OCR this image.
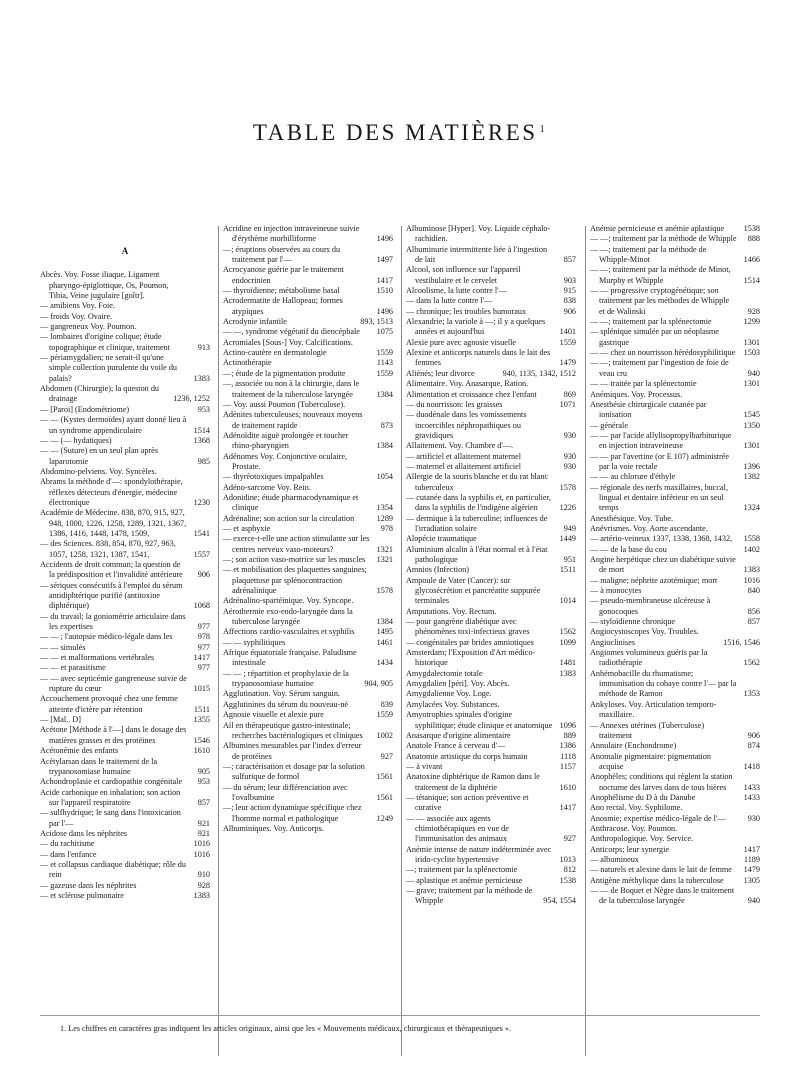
TABLE DES MATIÈRES $^1$
A

Abcès. Voy. Fosse iliaque, Ligament pharyngo-épiglottique, Os, Poumon, Tibia, Veine jugulaire [goîtr].

— amibiens Voy. Foie.

— froids Voy. Ovaire.

— gangreneux Voy. Poumon.

— lombaires d'origine colique; étude topographique et clinique, traitement	913

— périamygdalien; ne serait-il qu'une simple collection purulente du voile du palais?	1383

Abdomen (Chirurgie); la queston du drainage	1236, 1252

— [Paroi] (Endométriome)	953

— — (Kystes dermoïdes) ayant donné lieu à un syndrome appendiculaire	1514

— — (— hydatiques)	1368

— — (Suture) en un seul plan après laparotomie	985

Abdomino-pelviens. Voy. Syncèles.

Abrams la méthode d'—: spondylothérapie, réflexes détecteurs d'énergie, médecine électronique	1230

Académie de Médecine. 838, 870, 915, 927, 948, 1000, 1226, 1258, 1289, 1321, 1367, 1386, 1416, 1448, 1478, 1509,	1541

— des Sciences. 838, 854, 870, 927, 963, 1057, 1258, 1321, 1387, 1541,	1557

Accidents de droit commun; la question de la prédisposition et l'invalidité antérieure 906

— sériques consécutifs à l'emploi du sérum antidiphtérique purifié (antitoxine diphtérique)	1068

— du travail; la goniométrie articulaire dans les expertises	977

— — ; l'autopsie médico-légale dans les	978

— — simulés	977

— — et malformations vertébrales	1417

— — et parasitisme	977

— — avec septicémie gangreneuse suivie de rupture du cœur	1015

Accouchement provoqué chez une femme atteinte d'ictère par rétention	1511

— [Mal.. D]	1355

Acétone [Méthode à l'—] dans le dosage des matières grasses et des protéines	1546

Acétonémie des enfants	1610

Acétylarsan dans le traitement de la trypanosomiase humaine	905

Achondroplasie et cardiopathie congénitale 953

Acide carbonique en inhalation; son action sur l'appareil respiratoire	857

— sulfhydrique; le sang dans l'intoxication par l'—	921

Acidose dans les néphrites	921

— du rachitisme	1016

— dans l'enfance	1016

— et collapsus cardiaque diabétique; rôle du rein	910

— gazeuse dans les néphrites	928

— et sclérose pulmonaire	1383

Acridine en injection intraveineuse suivie d'érythème morbilliforme	1496

—; éruptions observées au cours du traitement par l'—	1497

Acrocyanose guérie par le traitement endocrinien	1417

— thyroïdienne; métabolisme basal	1510

Acrodermatite de Hallopeau; formes atypiques	1496

Acrodynie infantile	893, 1513

— —, syndrome végétatif du diencéphale 1075

Acromiales [Sous-] Voy. Calcifications.

Actino-cautère en dermatologie	1559

Actinothérapie	1143

—; étude de la pigmentation produite	1559

—, associée ou non à la chirurgie, dans le traitement de la tuberculose laryngée	1384

— Voy. aussi Poumon (Tuberculose).

Adénites tuberculeuses; nouveaux moyens de traitement rapide	873

Adénoïdite aiguë prolongée et toucher rhino-pharyngien	1384

Adénomes Voy. Conjonctive oculaire, Prostate.

— thyréotoxiques impalpables	1054

Adéno-sarcome Voy. Rein.

Adonidine; étude pharmacodynamique et clinique	1354

Adrénaline; son action sur la circulation	1289

— et asphyxie	978

— exerce-t-elle une action stimulante sur les centres nerveux vaso-moteurs?	1321

—; son action vaso-motrice sur les muscles 1321

— et mobilisation des plaquettes sanguines; plaquettose par splénocontraction adrénalinique	1578

Adrénalino-spartéinique. Voy. Syncope.

Aérothermie exo-endo-laryngée dans la tuberculose laryngée	1384

Affections cardio-vasculaires et syphilis	1495

— — syphilitiques	1461

Afrique équatoriale française. Paludisme intestinale	1434

— — ; répartition et prophylaxie de la trypanosomiase humaine	904, 905

Agglutination. Voy. Sérum sanguin.

Agglutinines du sérum du nouveau-né	839

Agnosie visuelle et alexie pure	1559

Aïl en thérapeutique gastro-intestinale; recherches bactériologiques et cliniques 1002

Albumines mesurables par l'index d'erreur de protéines	927

—; caractérisation et dosage par la solution sulfurique de formol	1561

— du sérum; leur différenciation avec l'ovalbumine	1561

—; leur action dynamique spécifique chez l'homme normal et pathologique	1249

Albuminiques. Voy. Anticorps.

Albuminose [Hyper]. Voy. Liquide céphalo-rachidien.

Albuminurie intermittente liée à l'ingestion de lait	857

Alcool, son influence sur l'appareil vestibulaire et le cervelet	903

Alcoolisme, la lutte contre l'—	915

— dans la lutte contre l'—	838

— chronique; les troubles humoraux	906

Alexandrie; la variole à —; il y a quelques années et aujourd'hui	1401

Alexie pure avec agnosie visuelle	1559

Alexine et anticorps naturels dans le lait des femmes	1479

Aliénés; leur divorce	940, 1135, 1342, 1512

Alimentaire. Voy. Anasarque, Ration.

Alimentation et croissance chez l'enfant	869

— du nourrisson: les graisses	1071

— duodénale dans les vomissements incoercibles néphropathiques ou gravidiques	930

Allaitement. Voy. Chambre d'—.

— artificiel et allaitement maternel	930

— maternel et allaitement artificiel	930

Allergie de la souris blanche et du rat blanc tuberculeux	1578

— cutanée dans la syphilis et, en particulier, dans la syphilis de l'indigène algérien	1226

— dermique à la tuberculine; influences de l'irradiation solaire	949

Alopécie traumatique	1449

Aluminium alcalin à l'état normal et à l'état pathologique	951

Amnios (Infection)	1511

Ampoule de Vater (Cancer): sur glycosécrétion et pancréatite suppurée terminales	1014

Amputations. Voy. Rectum.

— pour gangrène diabétique avec phénomènes toxi-infectieux graves	1562

— congénitales par brides amniotiques	1099

Amsterdam; l'Exposition d'Art médico-historique	1481

Amygdalectomie totale	1383

Amygdalien [péri]. Voy. Abcès.

Amygdalienne Voy. Loge.

Amylacées Voy. Substances.

Amyotrophies spinales d'origine syphilitique; étude clinique et anatomique 1096

Anasarque d'origine alimentaire	889

Anatole France à cerveau d'—	1386

Anatomie artistique du corps humain	1118

— à vivant	1157

Anatoxine diphtérique de Ramon dans le traitement de la diphtérie	1610

— tétanique; son action préventive et curative	1417

— — associée aux agents chimiothérapiques en vue de l'immunisation des animaux	927

Anémie intense de nature indéterminée avec irido-cyclite hypertensive	1013

—; traitement par la splénectomie	812

— aplastique et anémie pernicieuse	1538

— grave; traitement par la méthode de Whipple	954, 1554

Anémie pernicieuse et anémie aplastique 1538

— —; traitement par la méthode de Whipple 888

— —; traitement par la méthode de Whipple-Minot	1466

— —; traitement par la méthode de Minot, Murphy et Whipple	1514

— — progressive cryptogénétique; son traitement par les méthodes de Whipple et de Walinski	928

— —; traitement par la splénectomie	1299

— splénique simulée par un néoplasme gastrique	1301

— — chez un nourrisson hérédosyphilitique 1503

— —; traitement par l'ingestion de foie de veau cru	940

— — traitée par la splénectomie	1301

Anémiques. Voy. Processus.

Anesthésie chirurgicale cutanée par ionisation	1545

— générale	1350

— — par l'acide allylisopropylbarbiturique en injection intraveineuse	1301

— — par l'avertine (or E 107) administrée par la voie rectale	1396

— — au chlorure d'éthyle	1382

— régionale des nerfs maxillaires, buccal, lingual et dentaire inférieur en un seul temps	1324

Anesthésique. Voy. Tube.

Anévrismes. Voy. Aorte ascendante.

— artério-veineux 1337, 1338, 1368, 1432, 1558

— — de la base du cou	1402

Angine herpétique chez un diabétique suivie de mort	1383

— maligne; néphrite azotémique; mort	1016

— à monocytes	840

— pseudo-membraneuse ulcéreuse à gonocoques	856

— styloïdienne chronique	857

Angiocystoscopes Voy. Troubles.

Angioclinises	1516, 1546

Angiomes volumineux guéris par la radiothérapie	1562

Anhémobacille du rhumatisme; immunisation du cobaye contre l'— par la méthode de Ramon	1353

Ankyloses. Voy. Articulation temporo-maxillaire.

— Annexes utérines (Tuberculose) traitement	906

Annulaire (Enchondrome)	874

Anomalie pigmentaire: pigmentation acquise	1418

Anophèles; conditions qui règlent la station nocturne des larves dans de tous bières 1433

Anophélisme du D à du Danube	1433

Ano rectal. Voy. Syphilome.

Anosmie; expertise médico-légale de l'—	930

Anthracose. Voy. Poumon.

Anthropologique. Voy. Service.

Anticorps; leur synergie	1417

— albumineux	1189

— naturels et alexine dans le lait de femme 1479

Antigène méthylique dans la tuberculose 1305

— — de Boquet et Nègre dans le traitement de la tuberculose laryngée	940

1. Les chiffres en caractères gras indiquent les articles originaux, ainsi que les « Mouvements médicaux, chirurgicaux et thérapeutiques ».
